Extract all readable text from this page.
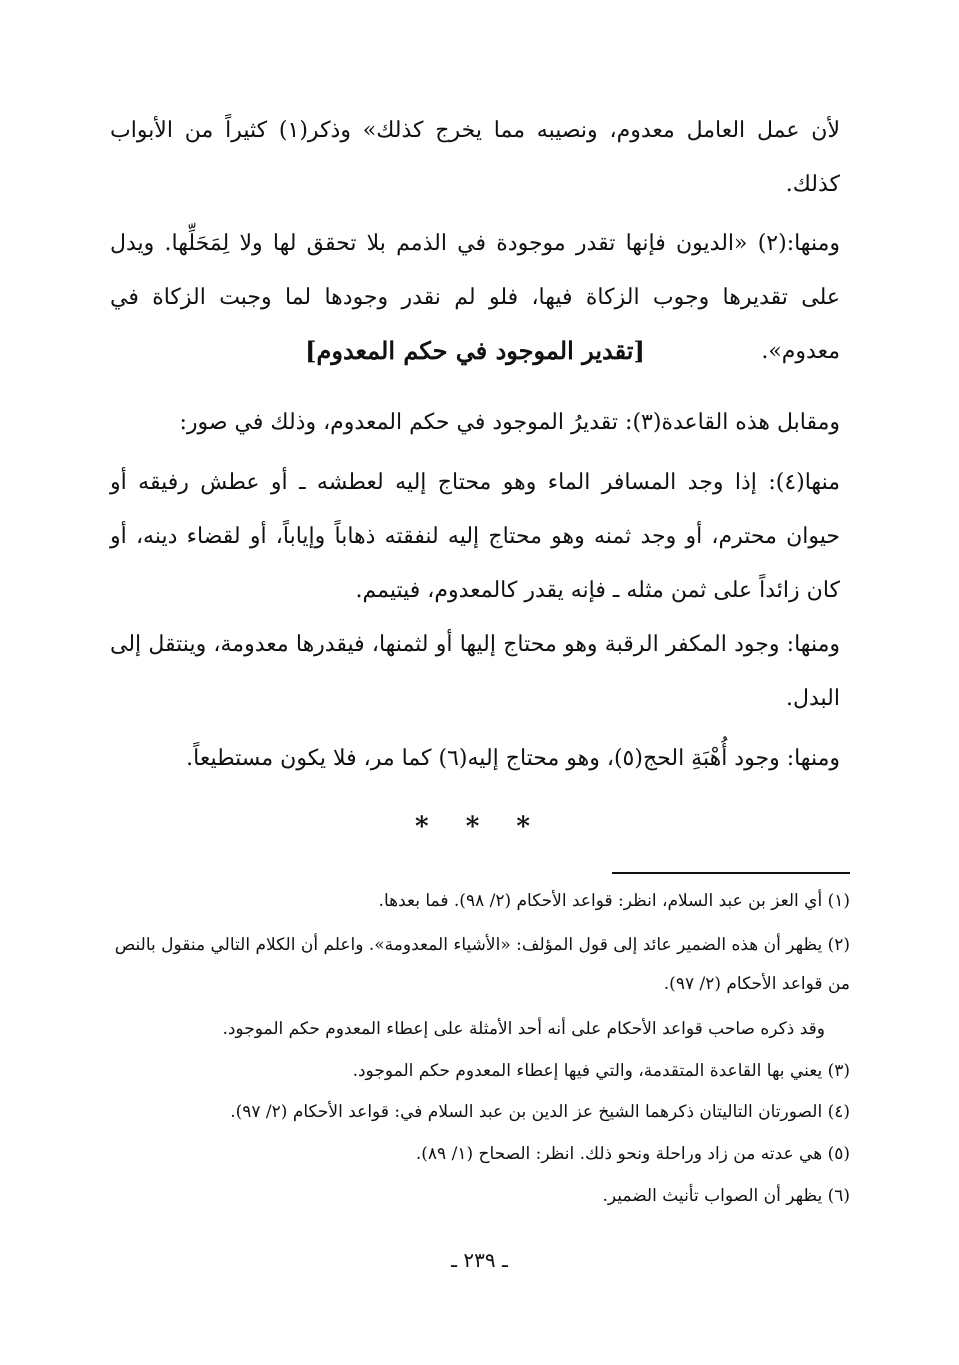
لأن عمل العامل معدوم، ونصيبه مما يخرج كذلك» وذكر(١) كثيراً من الأبواب كذلك.

ومنها:(٢) «الديون فإنها تقدر موجودة في الذمم بلا تحقق لها ولا لِمَحَلِّها. ويدل على تقديرها وجوب الزكاة فيها، فلو لم نقدر وجودها لما وجبت الزكاة في معدوم».

[تقدير الموجود في حكم المعدوم]

ومقابل هذه القاعدة(٣): تقديرُ الموجود في حكم المعدوم، وذلك في صور:

منها(٤): إذا وجد المسافر الماء وهو محتاج إليه لعطشه ـ أو عطش رفيقه أو حيوان محترم، أو وجد ثمنه وهو محتاج إليه لنفقته ذهاباً وإياباً، أو لقضاء دينه، أو كان زائداً على ثمن مثله ـ فإنه يقدر كالمعدوم، فيتيمم.

ومنها: وجود المكفر الرقبة وهو محتاج إليها أو لثمنها، فيقدرها معدومة، وينتقل إلى البدل.

ومنها: وجود أُهْبَةِ الحج(٥)، وهو محتاج إليه(٦) كما مر، فلا يكون مستطيعاً.

* * *

(١) أي العز بن عبد السلام، انظر: قواعد الأحكام (٢/ ٩٨). فما بعدها.

(٢) يظهر أن هذه الضمير عائد إلى قول المؤلف: «الأشياء المعدومة». واعلم أن الكلام التالي منقول بالنص من قواعد الأحكام (٢/ ٩٧).

وقد ذكره صاحب قواعد الأحكام على أنه أحد الأمثلة على إعطاء المعدوم حكم الموجود.

(٣) يعني بها القاعدة المتقدمة، والتي فيها إعطاء المعدوم حكم الموجود.

(٤) الصورتان التاليتان ذكرهما الشيخ عز الدين بن عبد السلام في: قواعد الأحكام (٢/ ٩٧).

(٥) هي عدته من زاد وراحلة ونحو ذلك. انظر: الصحاح (١/ ٨٩).

(٦) يظهر أن الصواب تأنيث الضمير.

ـ ٢٣٩ ـ
